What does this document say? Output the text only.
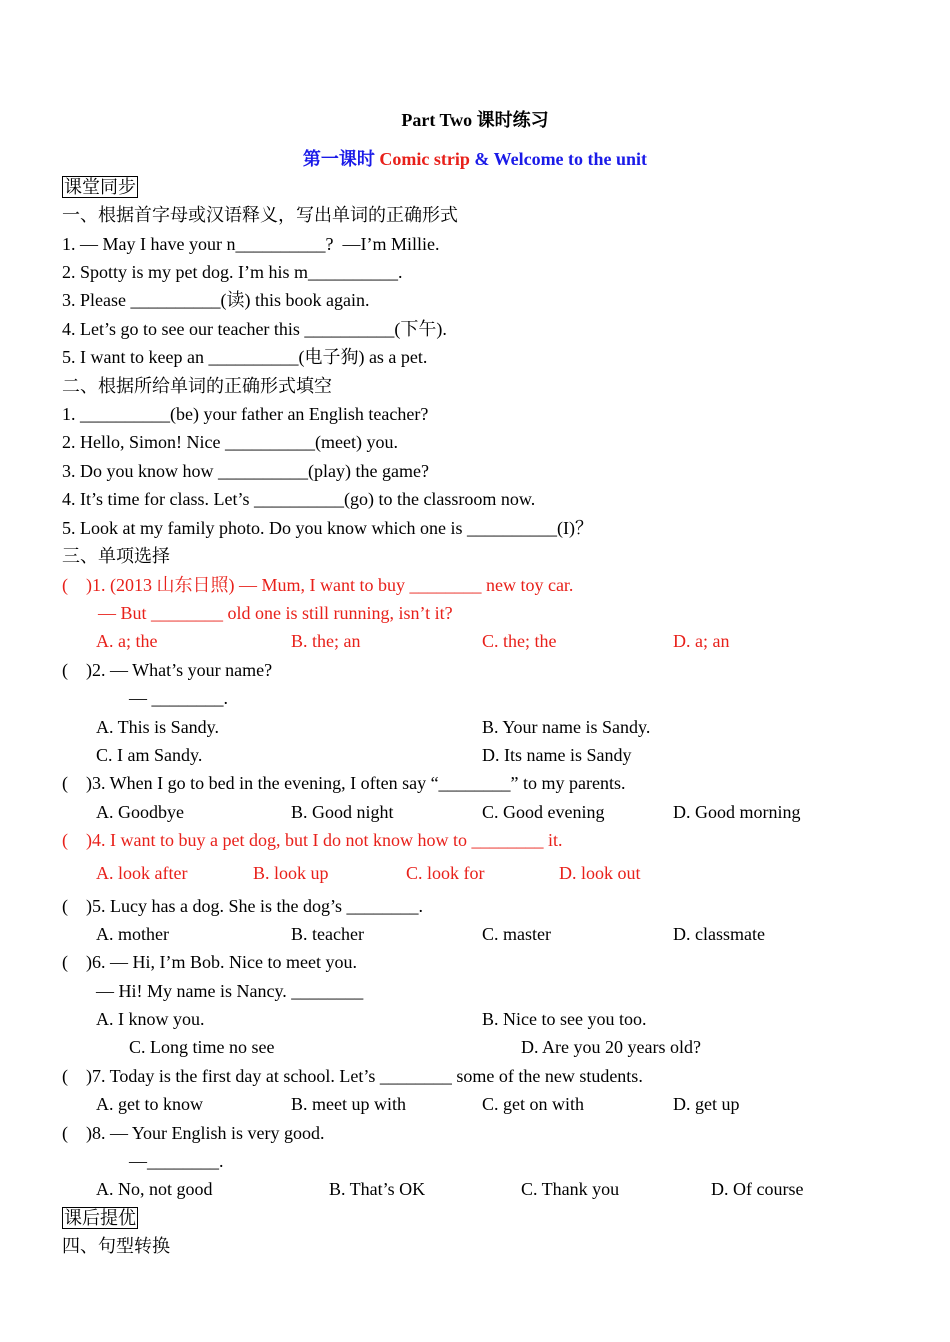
Part Two 课时练习
第一课时 Comic strip & Welcome to the unit
课堂同步
一、根据首字母或汉语释义，写出单词的正确形式
1. — May I have your n__________?  —I’m Millie.
2. Spotty is my pet dog. I’m his m__________.
3. Please __________(读) this book again.
4. Let’s go to see our teacher this __________(下午).
5. I want to keep an __________(电子狗) as a pet.
二、根据所给单词的正确形式填空
1. __________(be) your father an English teacher?
2. Hello, Simon! Nice __________(meet) you.
3. Do you know how __________(play) the game?
4. It’s time for class. Let’s __________(go) to the classroom now.
5. Look at my family photo. Do you know which one is __________(I)？
三、单项选择
(    )1. (2013 山东日照) — Mum, I want to buy ________ new toy car.
— But ________ old one is still running, isn’t it?
A. a; the	B. the; an	C. the; the	D. a; an
(    )2. — What’s your name?
— ________.
A. This is Sandy.	B. Your name is Sandy.
C. I am Sandy.	D. Its name is Sandy
(    )3. When I go to bed in the evening, I often say “________” to my parents.
A. Goodbye	B. Good night	C. Good evening	D. Good morning
(    )4. I want to buy a pet dog, but I do not know how to ________ it.
A. look after	B. look up	C. look for	D. look out
(    )5. Lucy has a dog. She is the dog’s ________.
A. mother	B. teacher	C. master	D. classmate
(    )6. — Hi, I’m Bob. Nice to meet you.
— Hi! My name is Nancy. ________
A. I know you.	B. Nice to see you too.
C. Long time no see	D. Are you 20 years old?
(    )7. Today is the first day at school. Let’s ________ some of the new students.
A. get to know	B. meet up with	C. get on with	D. get up
(    )8. — Your English is very good.
—________.
A. No, not good	B. That’s OK	C. Thank you	D. Of course
课后提优
四、句型转换
